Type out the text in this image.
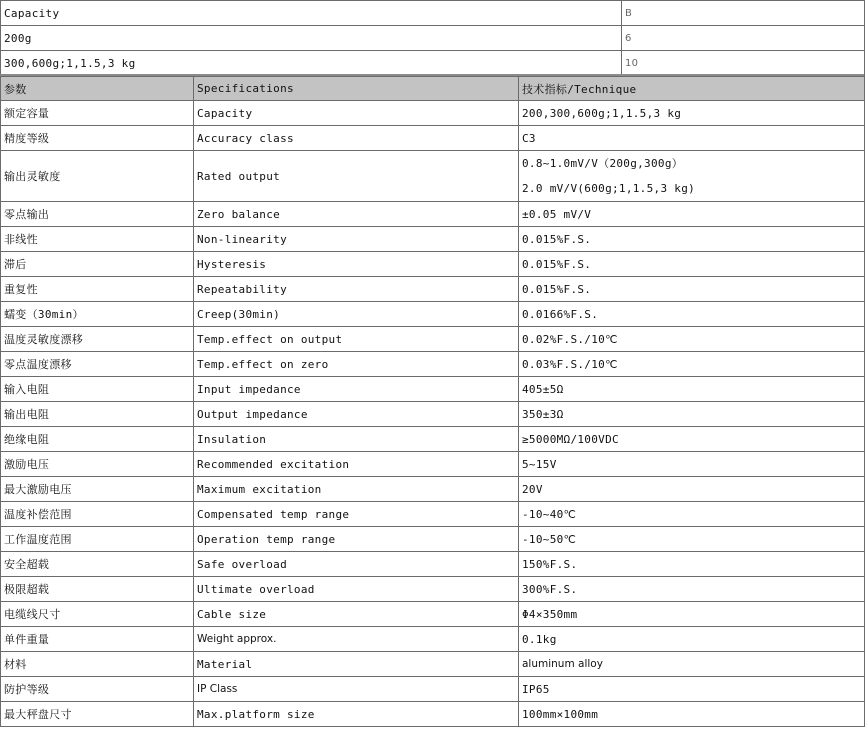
Capacity	B
200g	6
300,600g;1,1.5,3 kg	10
参数	Specifications	技术指标/Technique
额定容量	Capacity	200,300,600g;1,1.5,3 kg
精度等级	Accuracy class	C3
输出灵敏度	Rated output	0.8~1.0mV/V（200g,300g）
2.0 mV/V(600g;1,1.5,3 kg)

零点输出	Zero balance	±0.05 mV/V
非线性	Non-linearity	0.015%F.S.
滞后	Hysteresis	0.015%F.S.
重复性	Repeatability	0.015%F.S.
蠕变（30min）	Creep(30min)	0.0166%F.S.
温度灵敏度漂移	Temp.effect on output	0.02%F.S./10℃
零点温度漂移	Temp.effect on zero	0.03%F.S./10℃
输入电阻	Input impedance	405±5Ω
输出电阻	Output impedance	350±3Ω
绝缘电阻	Insulation	≥5000MΩ/100VDC
激励电压	Recommended excitation	5~15V
最大激励电压	Maximum excitation	20V
温度补偿范围	Compensated temp range	-10~40℃
工作温度范围	Operation temp range	-10~50℃
安全超载	Safe overload	150%F.S.
极限超载	Ultimate overload	300%F.S.
电缆线尺寸	Cable size	Φ4×350mm
单件重量	Weight approx.	0.1kg
材料	Material	aluminum alloy
防护等级	IP Class	IP65
最大秤盘尺寸	Max.platform size	100mm×100mm
